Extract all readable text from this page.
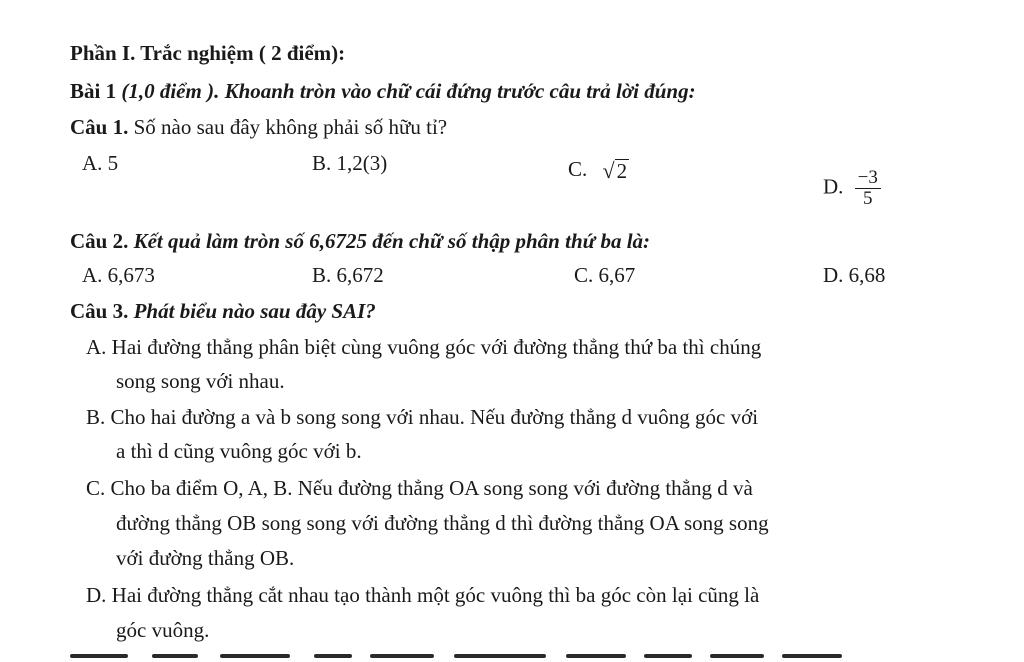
Phần I. Trắc nghiệm ( 2 điểm):
Bài 1 (1,0 điểm ). Khoanh tròn vào chữ cái đứng trước câu trả lời đúng:
Câu 1. Số nào sau đây không phải số hữu tỉ?
A. 5	B. 1,2(3)	C. √2
D. $\frac{-3}{5}$
Câu 2. Kết quả làm tròn số 6,6725 đến chữ số thập phân thứ ba là:
A. 6,673	B. 6,672	C. 6,67	D. 6,68
Câu 3. Phát biểu nào sau đây SAI?
A. Hai đường thẳng phân biệt cùng vuông góc với đường thẳng thứ ba thì chúng
song song với nhau.
B. Cho hai đường a và b song song với nhau. Nếu đường thẳng d vuông góc với
a thì d cũng vuông góc với b.
C. Cho ba điểm O, A, B. Nếu đường thẳng OA song song với đường thẳng d và
đường thẳng OB song song với đường thẳng d thì đường thẳng OA song song
với đường thẳng OB.
D. Hai đường thẳng cắt nhau tạo thành một góc vuông thì ba góc còn lại cũng là
góc vuông.
